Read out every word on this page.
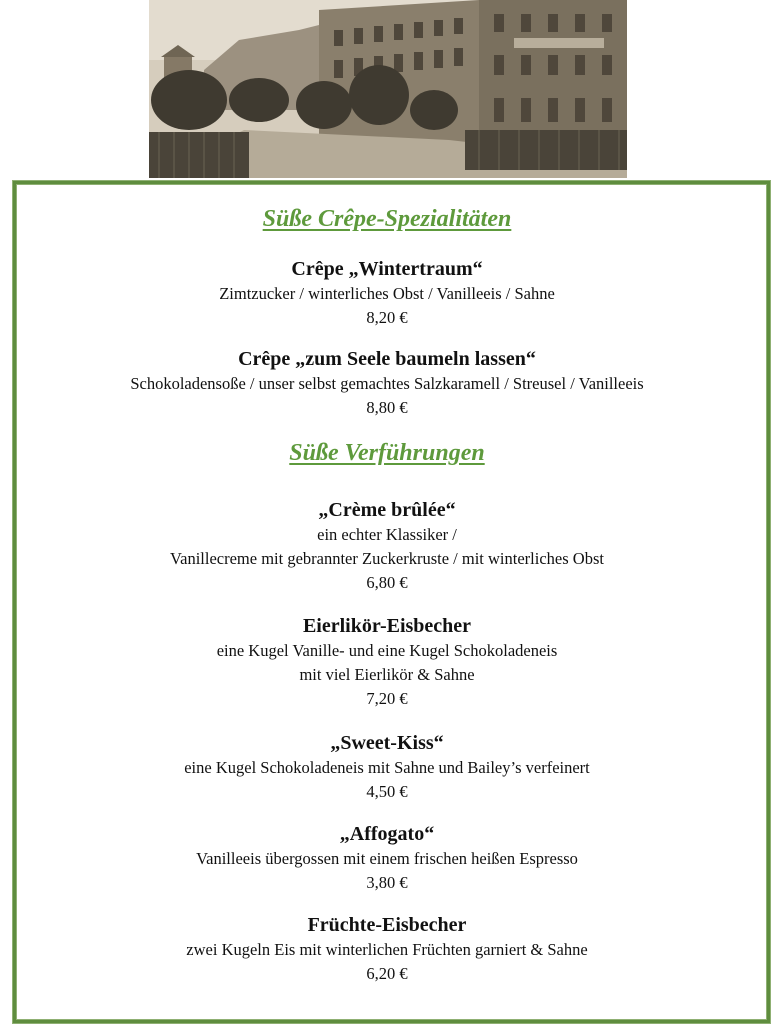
Süße Crêpe-Spezialitäten
Crêpe „Wintertraum“
Zimtzucker / winterliches Obst / Vanilleeis / Sahne
8,20 €
Crêpe „zum Seele baumeln lassen“
Schokoladensoße / unser selbst gemachtes Salzkaramell / Streusel / Vanilleeis
8,80 €
Süße Verführungen
„Crème brûlée“
ein echter Klassiker /
Vanillecreme mit gebrannter Zuckerkruste / mit winterliches Obst
6,80 €
Eierlikör-Eisbecher
eine Kugel Vanille- und eine Kugel Schokoladeneis
mit viel Eierlikör & Sahne
7,20 €
„Sweet-Kiss“
eine Kugel Schokoladeneis mit Sahne und Bailey’s verfeinert
4,50 €
„Affogato“
Vanilleeis übergossen mit einem frischen heißen Espresso
3,80 €
Früchte-Eisbecher
zwei Kugeln Eis mit winterlichen Früchten garniert & Sahne
6,20 €
